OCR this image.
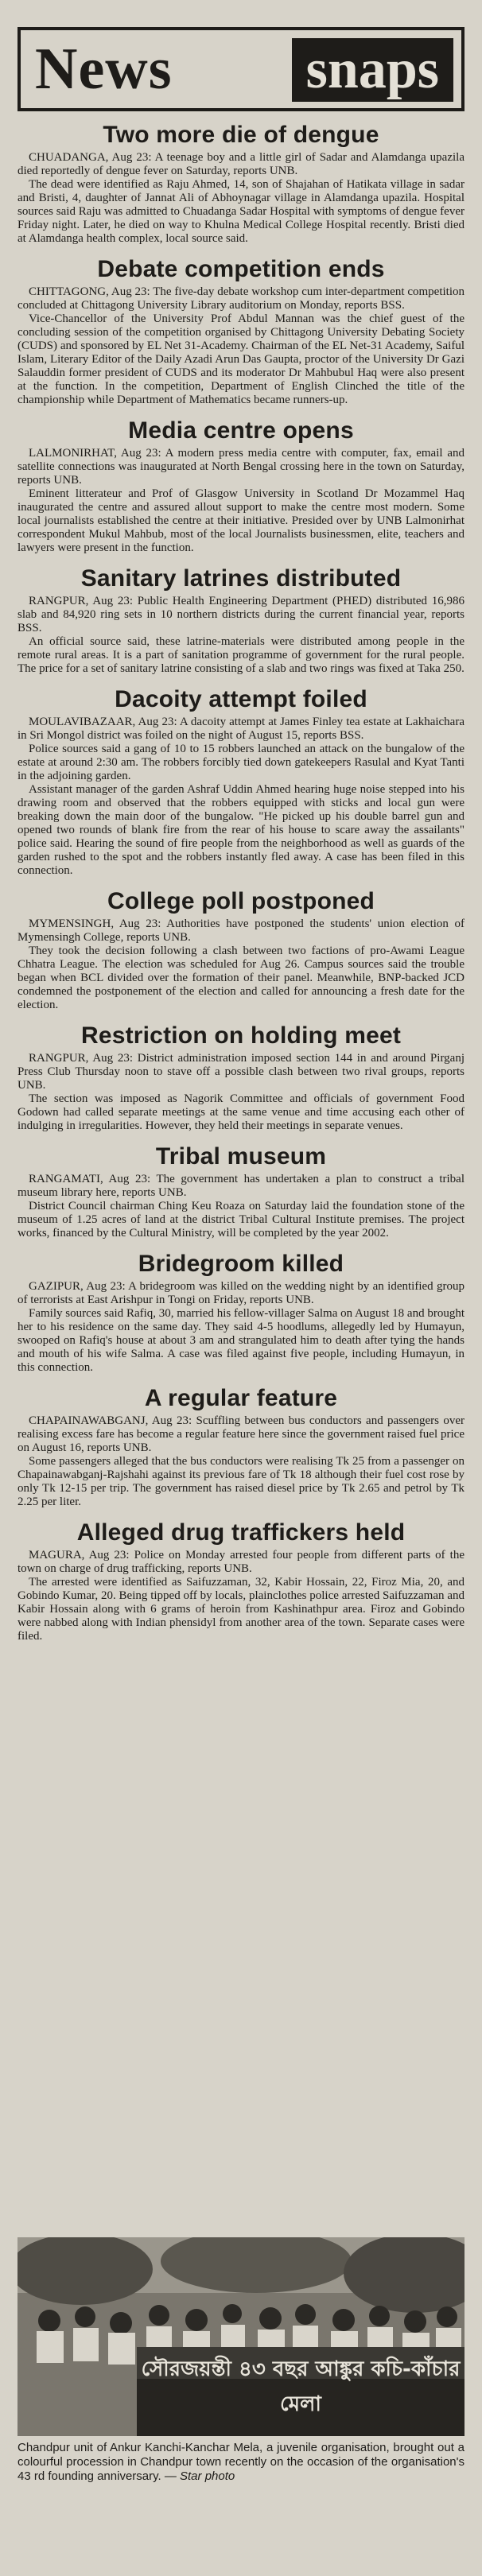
News snaps
Two more die of dengue

CHUADANGA, Aug 23: A teenage boy and a little girl of Sadar and Alamdanga upazila died reportedly of dengue fever on Saturday, reports UNB.

The dead were identified as Raju Ahmed, 14, son of Shajahan of Hatikata village in sadar and Bristi, 4, daughter of Jannat Ali of Abhoynagar village in Alamdanga upazila. Hospital sources said Raju was admitted to Chuadanga Sadar Hospital with symptoms of dengue fever Friday night. Later, he died on way to Khulna Medical College Hospital recently. Bristi died at Alamdanga health complex, local source said.

Debate competition ends

CHITTAGONG, Aug 23: The five-day debate workshop cum inter-department competition concluded at Chittagong University Library auditorium on Monday, reports BSS.

Vice-Chancellor of the University Prof Abdul Mannan was the chief guest of the concluding session of the competition organised by Chittagong University Debating Society (CUDS) and sponsored by EL Net 31-Academy. Chairman of the EL Net-31 Academy, Saiful Islam, Literary Editor of the Daily Azadi Arun Das Gaupta, proctor of the University Dr Gazi Salauddin former president of CUDS and its moderator Dr Mahbubul Haq were also present at the function. In the competition, Department of English Clinched the title of the championship while Department of Mathematics became runners-up.

Media centre opens

LALMONIRHAT, Aug 23: A modern press media centre with computer, fax, email and satellite connections was inaugurated at North Bengal crossing here in the town on Saturday, reports UNB.

Eminent litterateur and Prof of Glasgow University in Scotland Dr Mozammel Haq inaugurated the centre and assured allout support to make the centre most modern. Some local journalists established the centre at their initiative. Presided over by UNB Lalmonirhat correspondent Mukul Mahbub, most of the local Journalists businessmen, elite, teachers and lawyers were present in the function.

Sanitary latrines distributed

RANGPUR, Aug 23: Public Health Engineering Department (PHED) distributed 16,986 slab and 84,920 ring sets in 10 northern districts during the current financial year, reports BSS.

An official source said, these latrine-materials were distributed among people in the remote rural areas. It is a part of sanitation programme of government for the rural people. The price for a set of sanitary latrine consisting of a slab and two rings was fixed at Taka 250.

Dacoity attempt foiled

MOULAVIBAZAAR, Aug 23: A dacoity attempt at James Finley tea estate at Lakhaichara in Sri Mongol district was foiled on the night of August 15, reports BSS.

Police sources said a gang of 10 to 15 robbers launched an attack on the bungalow of the estate at around 2:30 am. The robbers forcibly tied down gatekeepers Rasulal and Kyat Tanti in the adjoining garden.

Assistant manager of the garden Ashraf Uddin Ahmed hearing huge noise stepped into his drawing room and observed that the robbers equipped with sticks and local gun were breaking down the main door of the bungalow. "He picked up his double barrel gun and opened two rounds of blank fire from the rear of his house to scare away the assailants" police said. Hearing the sound of fire people from the neighborhood as well as guards of the garden rushed to the spot and the robbers instantly fled away. A case has been filed in this connection.

College poll postponed

MYMENSINGH, Aug 23: Authorities have postponed the students' union election of Mymensingh College, reports UNB.

They took the decision following a clash between two factions of pro-Awami League Chhatra League. The election was scheduled for Aug 26. Campus sources said the trouble began when BCL divided over the formation of their panel. Meanwhile, BNP-backed JCD condemned the postponement of the election and called for announcing a fresh date for the election.

Restriction on holding meet

RANGPUR, Aug 23: District administration imposed section 144 in and around Pirganj Press Club Thursday noon to stave off a possible clash between two rival groups, reports UNB.

The section was imposed as Nagorik Committee and officials of government Food Godown had called separate meetings at the same venue and time accusing each other of indulging in irregularities. However, they held their meetings in separate venues.

Tribal museum

RANGAMATI, Aug 23: The government has undertaken a plan to construct a tribal museum library here, reports UNB.

District Council chairman Ching Keu Roaza on Saturday laid the foundation stone of the museum of 1.25 acres of land at the district Tribal Cultural Institute premises. The project works, financed by the Cultural Ministry, will be completed by the year 2002.

Bridegroom killed

GAZIPUR, Aug 23: A bridegroom was killed on the wedding night by an identified group of terrorists at East Arishpur in Tongi on Friday, reports UNB.

Family sources said Rafiq, 30, married his fellow-villager Salma on August 18 and brought her to his residence on the same day. They said 4-5 hoodlums, allegedly led by Humayun, swooped on Rafiq's house at about 3 am and strangulated him to death after tying the hands and mouth of his wife Salma. A case was filed against five people, including Humayun, in this connection.

A regular feature

CHAPAINAWABGANJ, Aug 23: Scuffling between bus conductors and passengers over realising excess fare has become a regular feature here since the government raised fuel price on August 16, reports UNB.

Some passengers alleged that the bus conductors were realising Tk 25 from a passenger on Chapainawabganj-Rajshahi against its previous fare of Tk 18 although their fuel cost rose by only Tk 12-15 per trip. The government has raised diesel price by Tk 2.65 and petrol by Tk 2.25 per liter.

Alleged drug traffickers held

MAGURA, Aug 23: Police on Monday arrested four people from different parts of the town on charge of drug trafficking, reports UNB.

The arrested were identified as Saifuzzaman, 32, Kabir Hossain, 22, Firoz Mia, 20, and Gobindo Kumar, 20. Being tipped off by locals, plainclothes police arrested Saifuzzaman and Kabir Hossain along with 6 grams of heroin from Kashinathpur area. Firoz and Gobindo were nabbed along with Indian phensidyl from another area of the town. Separate cases were filed.

সৌরজয়ন্তী ৪৩ বছর আঙ্কুর কচি-কাঁচার মেলা
Chandpur unit of Ankur Kanchi-Kanchar Mela, a juvenile organisation, brought out a colourful procession in Chandpur town recently on the occasion of the organisation's 43 rd founding anniversary. — Star photo
